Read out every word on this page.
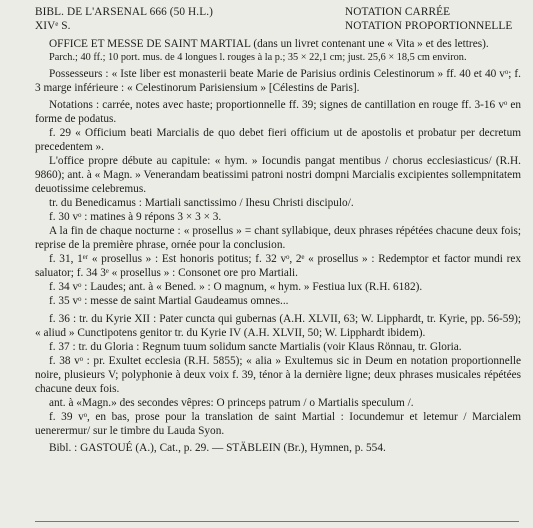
BIBL. DE L'ARSENAL 666 (50 H.L.)
XIVᵉ S.
NOTATION CARRÉE
NOTATION PROPORTIONNELLE
OFFICE ET MESSE DE SAINT MARTIAL (dans un livret contenant une « Vita » et des lettres).
Parch.; 40 ff.; 10 port. mus. de 4 longues l. rouges à la p.; 35 × 22,1 cm; just. 25,6 × 18,5 cm environ.
Possesseurs : « Iste liber est monasterii beate Marie de Parisius ordinis Celestinorum » ff. 40 et 40 vᵒ; f. 3 marge inférieure : « Celestinorum Parisiensium » [Célestins de Paris].
Notations : carrée, notes avec haste; proportionnelle ff. 39; signes de cantillation en rouge ff. 3-16 vᵒ en forme de podatus.
f. 29 « Officium beati Marcialis de quo debet fieri officium ut de apostolis et probatur per decretum precedentem ».
L'office propre débute au capitule: « hym. » Iocundis pangat mentibus / chorus ecclesiasticus/ (R.H. 9860); ant. à « Magn. » Venerandam beatissimi patroni nostri dompni Marcialis excipientes sollempnitatem deuotissime celebremus.
tr. du Benedicamus : Martiali sanctissimo / Ihesu Christi discipulo/.
f. 30 vᵒ : matines à 9 répons 3 × 3 × 3.
A la fin de chaque nocturne : « prosellus » = chant syllabique, deux phrases répétées chacune deux fois; reprise de la première phrase, ornée pour la conclusion.
f. 31, 1ᵉʳ « prosellus » : Est honoris potitus; f. 32 vᵒ, 2ᵉ « prosellus » : Redemptor et factor mundi rex saluator; f. 34 3ᵉ « prosellus » : Consonet ore pro Martiali.
f. 34 vᵒ : Laudes; ant. à « Bened. » : O magnum, « hym. » Festiua lux (R.H. 6182).
f. 35 vᵒ : messe de saint Martial Gaudeamus omnes...
f. 36 : tr. du Kyrie XII : Pater cuncta qui gubernas (A.H. XLVII, 63; W. Lipphardt, tr. Kyrie, pp. 56-59); « aliud » Cunctipotens genitor tr. du Kyrie IV (A.H. XLVII, 50; W. Lipphardt ibidem).
f. 37 : tr. du Gloria : Regnum tuum solidum sancte Martialis (voir Klaus Rönnau, tr. Gloria.
f. 38 vᵒ : pr. Exultet ecclesia (R.H. 5855); « alia » Exultemus sic in Deum en notation proportionnelle noire, plusieurs V; polyphonie à deux voix f. 39, ténor à la dernière ligne; deux phrases musicales répétées chacune deux fois.
ant. à «Magn.» des secondes vêpres: O princeps patrum / o Martialis speculum /.
f. 39 vᵒ, en bas, prose pour la translation de saint Martial : Iocundemur et letemur / Marcialem uenerermur/ sur le timbre du Lauda Syon.
Bibl. : GASTOUÉ (A.), Cat., p. 29. — STÄBLEIN (Br.), Hymnen, p. 554.
